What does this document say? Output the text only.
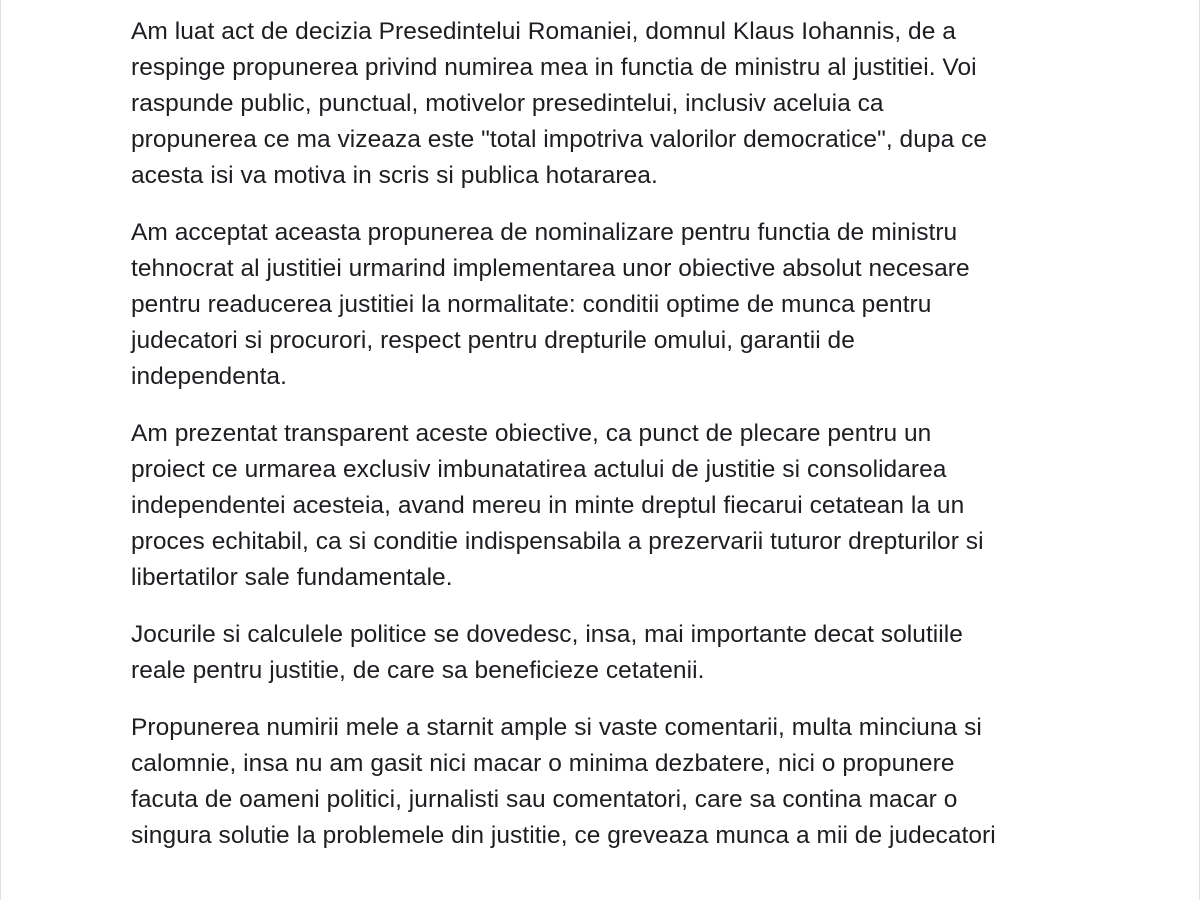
Am luat act de decizia Presedintelui Romaniei, domnul Klaus Iohannis, de a
respinge propunerea privind numirea mea in functia de ministru al justitiei. Voi
raspunde public, punctual, motivelor presedintelui, inclusiv aceluia ca
propunerea ce ma vizeaza este "total impotriva valorilor democratice", dupa ce
acesta isi va motiva in scris si publica hotararea.

Am acceptat aceasta propunerea de nominalizare pentru functia de ministru
tehnocrat al justitiei urmarind implementarea unor obiective absolut necesare
pentru readucerea justitiei la normalitate: conditii optime de munca pentru
judecatori si procurori, respect pentru drepturile omului, garantii de
independenta.

Am prezentat transparent aceste obiective, ca punct de plecare pentru un
proiect ce urmarea exclusiv imbunatatirea actului de justitie si consolidarea
independentei acesteia, avand mereu in minte dreptul fiecarui cetatean la un
proces echitabil, ca si conditie indispensabila a prezervarii tuturor drepturilor si
libertatilor sale fundamentale.

Jocurile si calculele politice se dovedesc, insa, mai importante decat solutiile
reale pentru justitie, de care sa beneficieze cetatenii.

Propunerea numirii mele a starnit ample si vaste comentarii, multa minciuna si
calomnie, insa nu am gasit nici macar o minima dezbatere, nici o propunere
facuta de oameni politici, jurnalisti sau comentatori, care sa contina macar o
singura solutie la problemele din justitie, ce greveaza munca a mii de judecatori
